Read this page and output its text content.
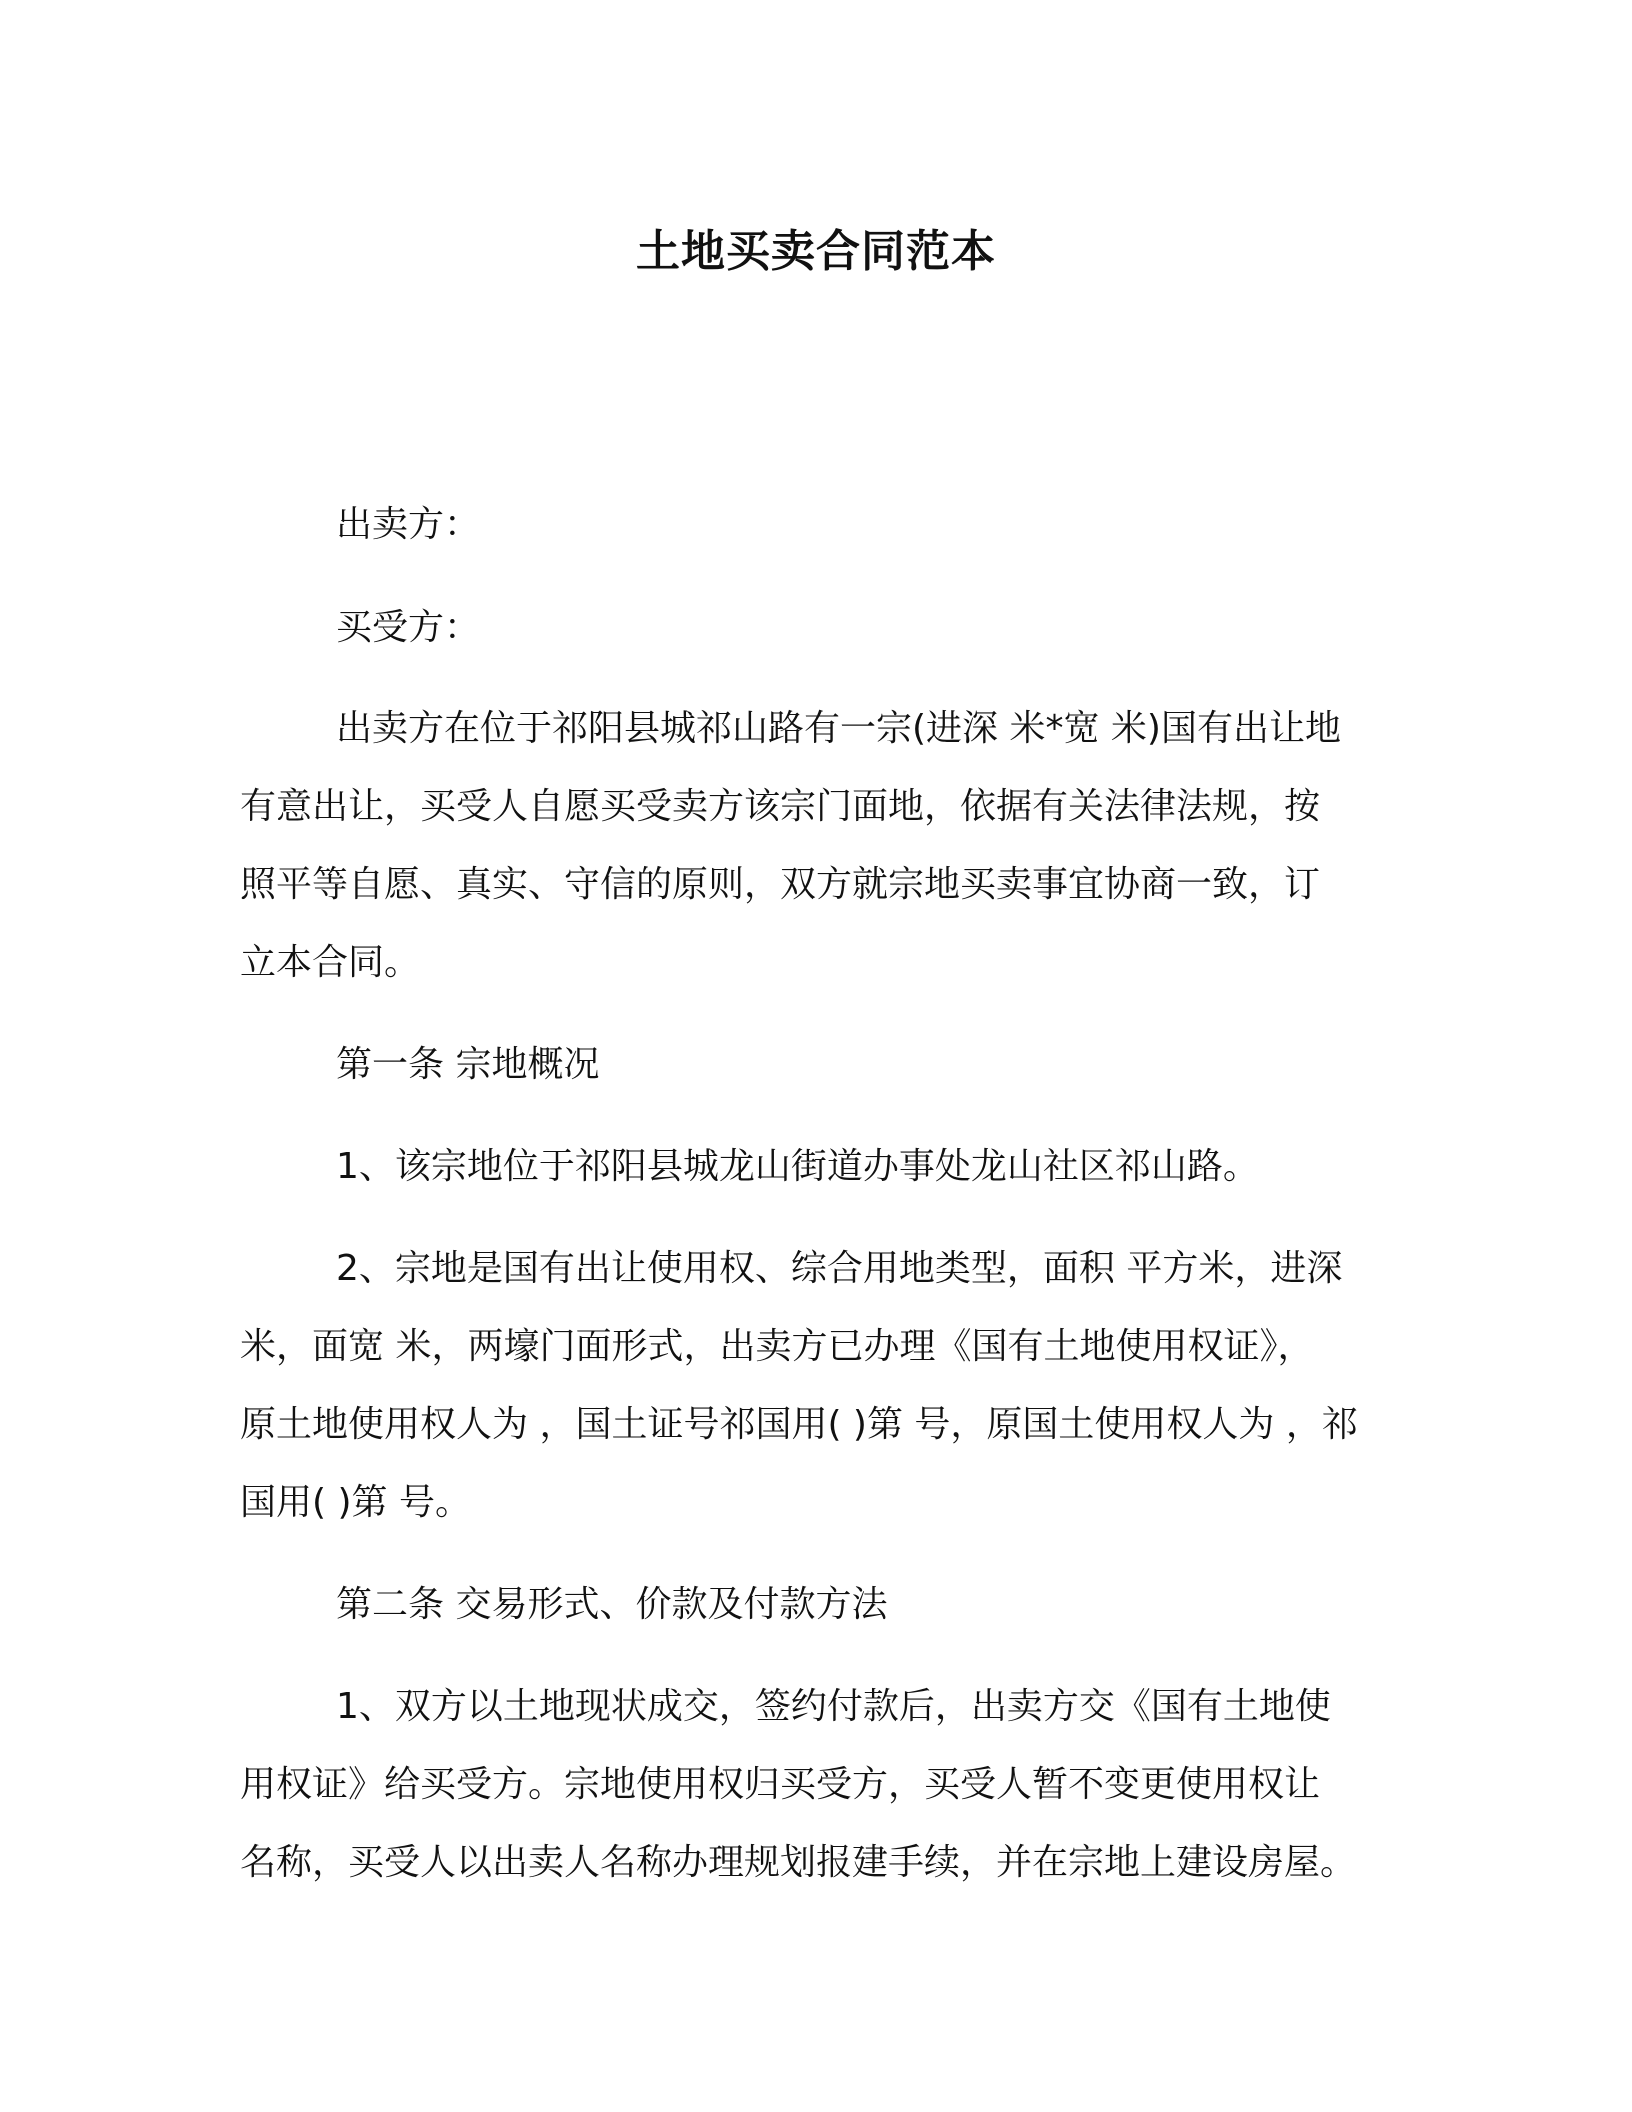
土地买卖合同范本
出卖方：
买受方：
出卖方在位于祁阳县城祁山路有一宗(进深 米*宽 米)国有出让地
有意出让，买受人自愿买受卖方该宗门面地，依据有关法律法规，按
照平等自愿、真实、守信的原则，双方就宗地买卖事宜协商一致，订
立本合同。
第一条 宗地概况
1、该宗地位于祁阳县城龙山街道办事处龙山社区祁山路。
2、宗地是国有出让使用权、综合用地类型，面积 平方米，进深
米，面宽 米，两壕门面形式，出卖方已办理《国有土地使用权证》，
原土地使用权人为 ，国土证号祁国用( )第 号，原国土使用权人为 ，祁
国用( )第 号。
第二条 交易形式、价款及付款方法
1、双方以土地现状成交，签约付款后，出卖方交《国有土地使
用权证》给买受方。宗地使用权归买受方，买受人暂不变更使用权让
名称，买受人以出卖人名称办理规划报建手续，并在宗地上建设房屋。
